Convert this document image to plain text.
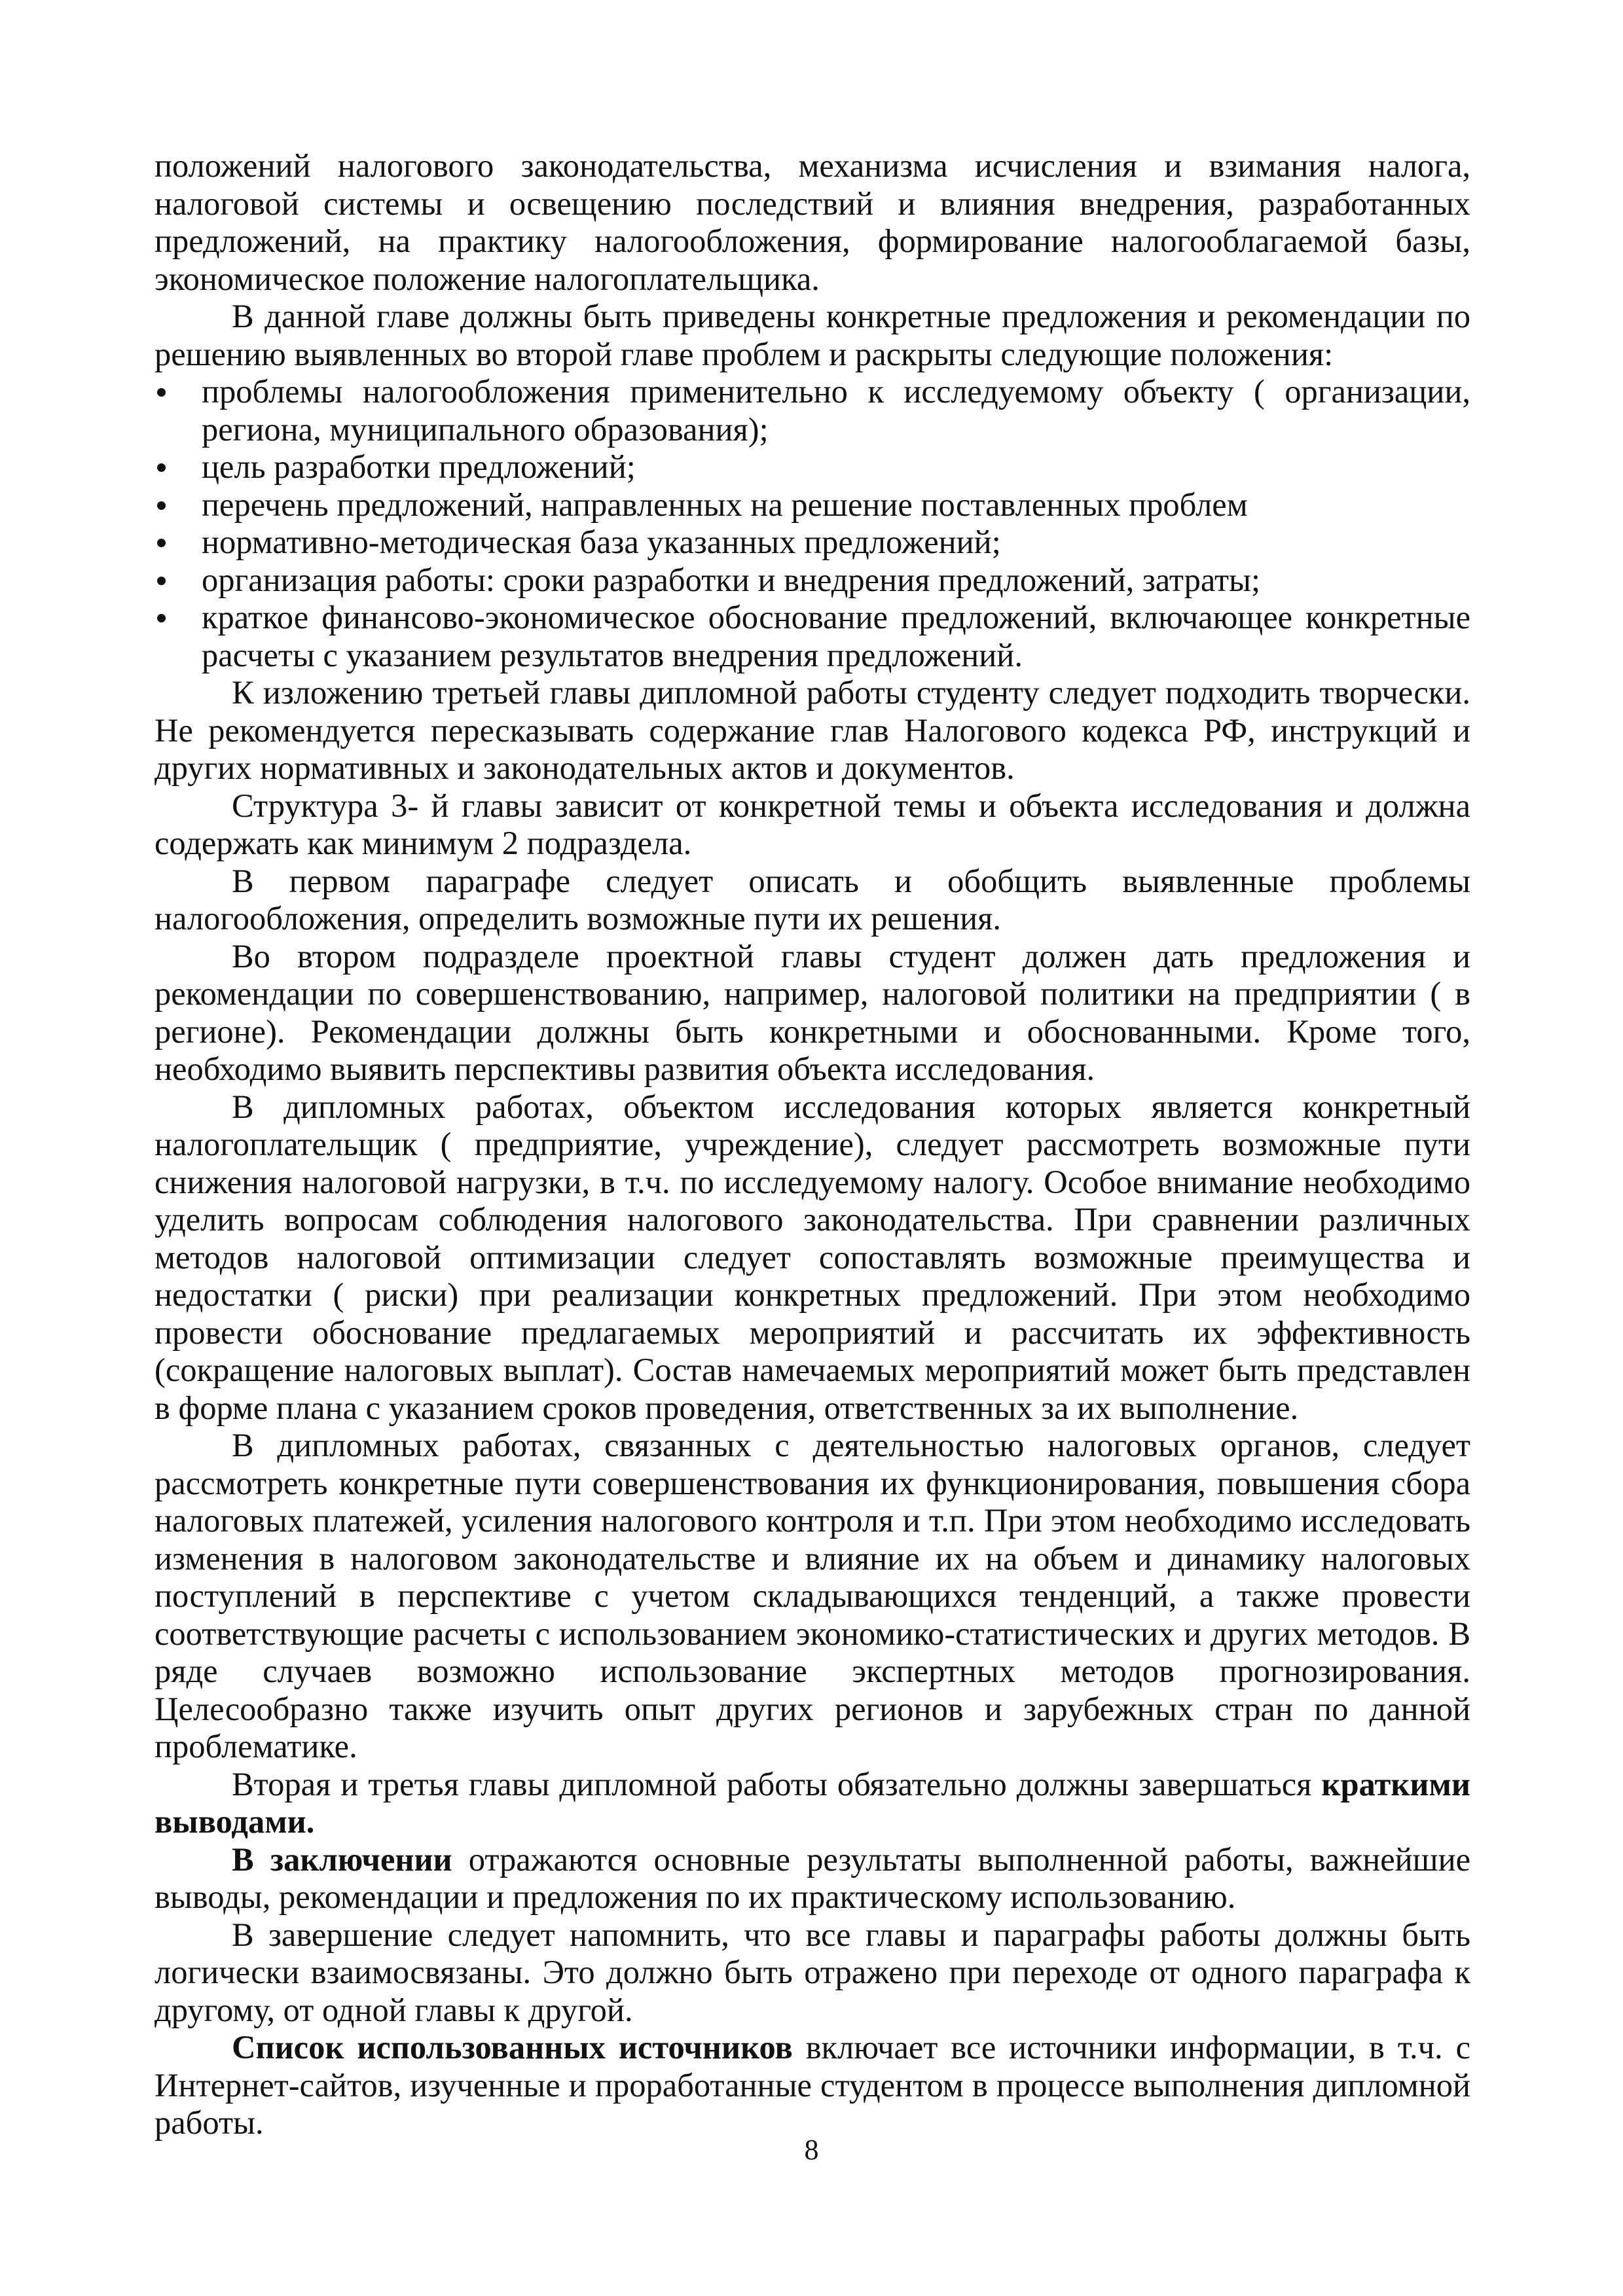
положений налогового законодательства, механизма исчисления и взимания налога, налоговой системы и освещению последствий и влияния внедрения, разработанных предложений, на практику налогообложения, формирование налогооблагаемой базы, экономическое положение налогоплательщика.

В данной главе должны быть приведены конкретные предложения и рекомендации по решению выявленных во второй главе проблем и раскрыты следующие положения:

проблемы налогообложения применительно к исследуемому объекту ( организации, региона, муниципального образования);
цель разработки предложений;
перечень предложений, направленных на решение поставленных проблем
нормативно-методическая база указанных предложений;
организация работы: сроки разработки и внедрения предложений, затраты;
краткое финансово-экономическое обоснование предложений, включающее конкретные расчеты с указанием результатов внедрения предложений.

К изложению третьей главы дипломной работы студенту следует подходить творчески. Не рекомендуется пересказывать содержание глав Налогового кодекса РФ, инструкций и других нормативных и законодательных актов и документов.

Структура 3- й главы зависит от конкретной темы и объекта исследования и должна содержать как минимум 2 подраздела.

В первом параграфе следует описать и обобщить выявленные проблемы налогообложения, определить возможные пути их решения.

Во втором подразделе проектной главы студент должен дать предложения и рекомендации по совершенствованию, например, налоговой политики на предприятии ( в регионе). Рекомендации должны быть конкретными и обоснованными. Кроме того, необходимо выявить перспективы развития объекта исследования.

В дипломных работах, объектом исследования которых является конкретный налогоплательщик ( предприятие, учреждение), следует рассмотреть возможные пути снижения налоговой нагрузки, в т.ч. по исследуемому налогу. Особое внимание необходимо уделить вопросам соблюдения налогового законодательства. При сравнении различных методов налоговой оптимизации следует сопоставлять возможные преимущества и недостатки ( риски) при реализации конкретных предложений. При этом необходимо провести обоснование предлагаемых мероприятий и рассчитать их эффективность (сокращение налоговых выплат). Состав намечаемых мероприятий может быть представлен в форме плана с указанием сроков проведения, ответственных за их выполнение.

В дипломных работах, связанных с деятельностью налоговых органов, следует рассмотреть конкретные пути совершенствования их функционирования, повышения сбора налоговых платежей, усиления налогового контроля и т.п. При этом необходимо исследовать изменения в налоговом законодательстве и влияние их на объем и динамику налоговых поступлений в перспективе с учетом складывающихся тенденций, а также провести соответствующие расчеты с использованием экономико-статистических и других методов. В ряде случаев возможно использование экспертных методов прогнозирования. Целесообразно также изучить опыт других регионов и зарубежных стран по данной проблематике.

Вторая и третья главы дипломной работы обязательно должны завершаться краткими выводами.

В заключении отражаются основные результаты выполненной работы, важнейшие выводы, рекомендации и предложения по их практическому использованию.

В завершение следует напомнить, что все главы и параграфы работы должны быть логически взаимосвязаны. Это должно быть отражено при переходе от одного параграфа к другому, от одной главы к другой.

Список использованных источников включает все источники информации, в т.ч. с Интернет-сайтов, изученные и проработанные студентом в процессе выполнения дипломной работы.

8
